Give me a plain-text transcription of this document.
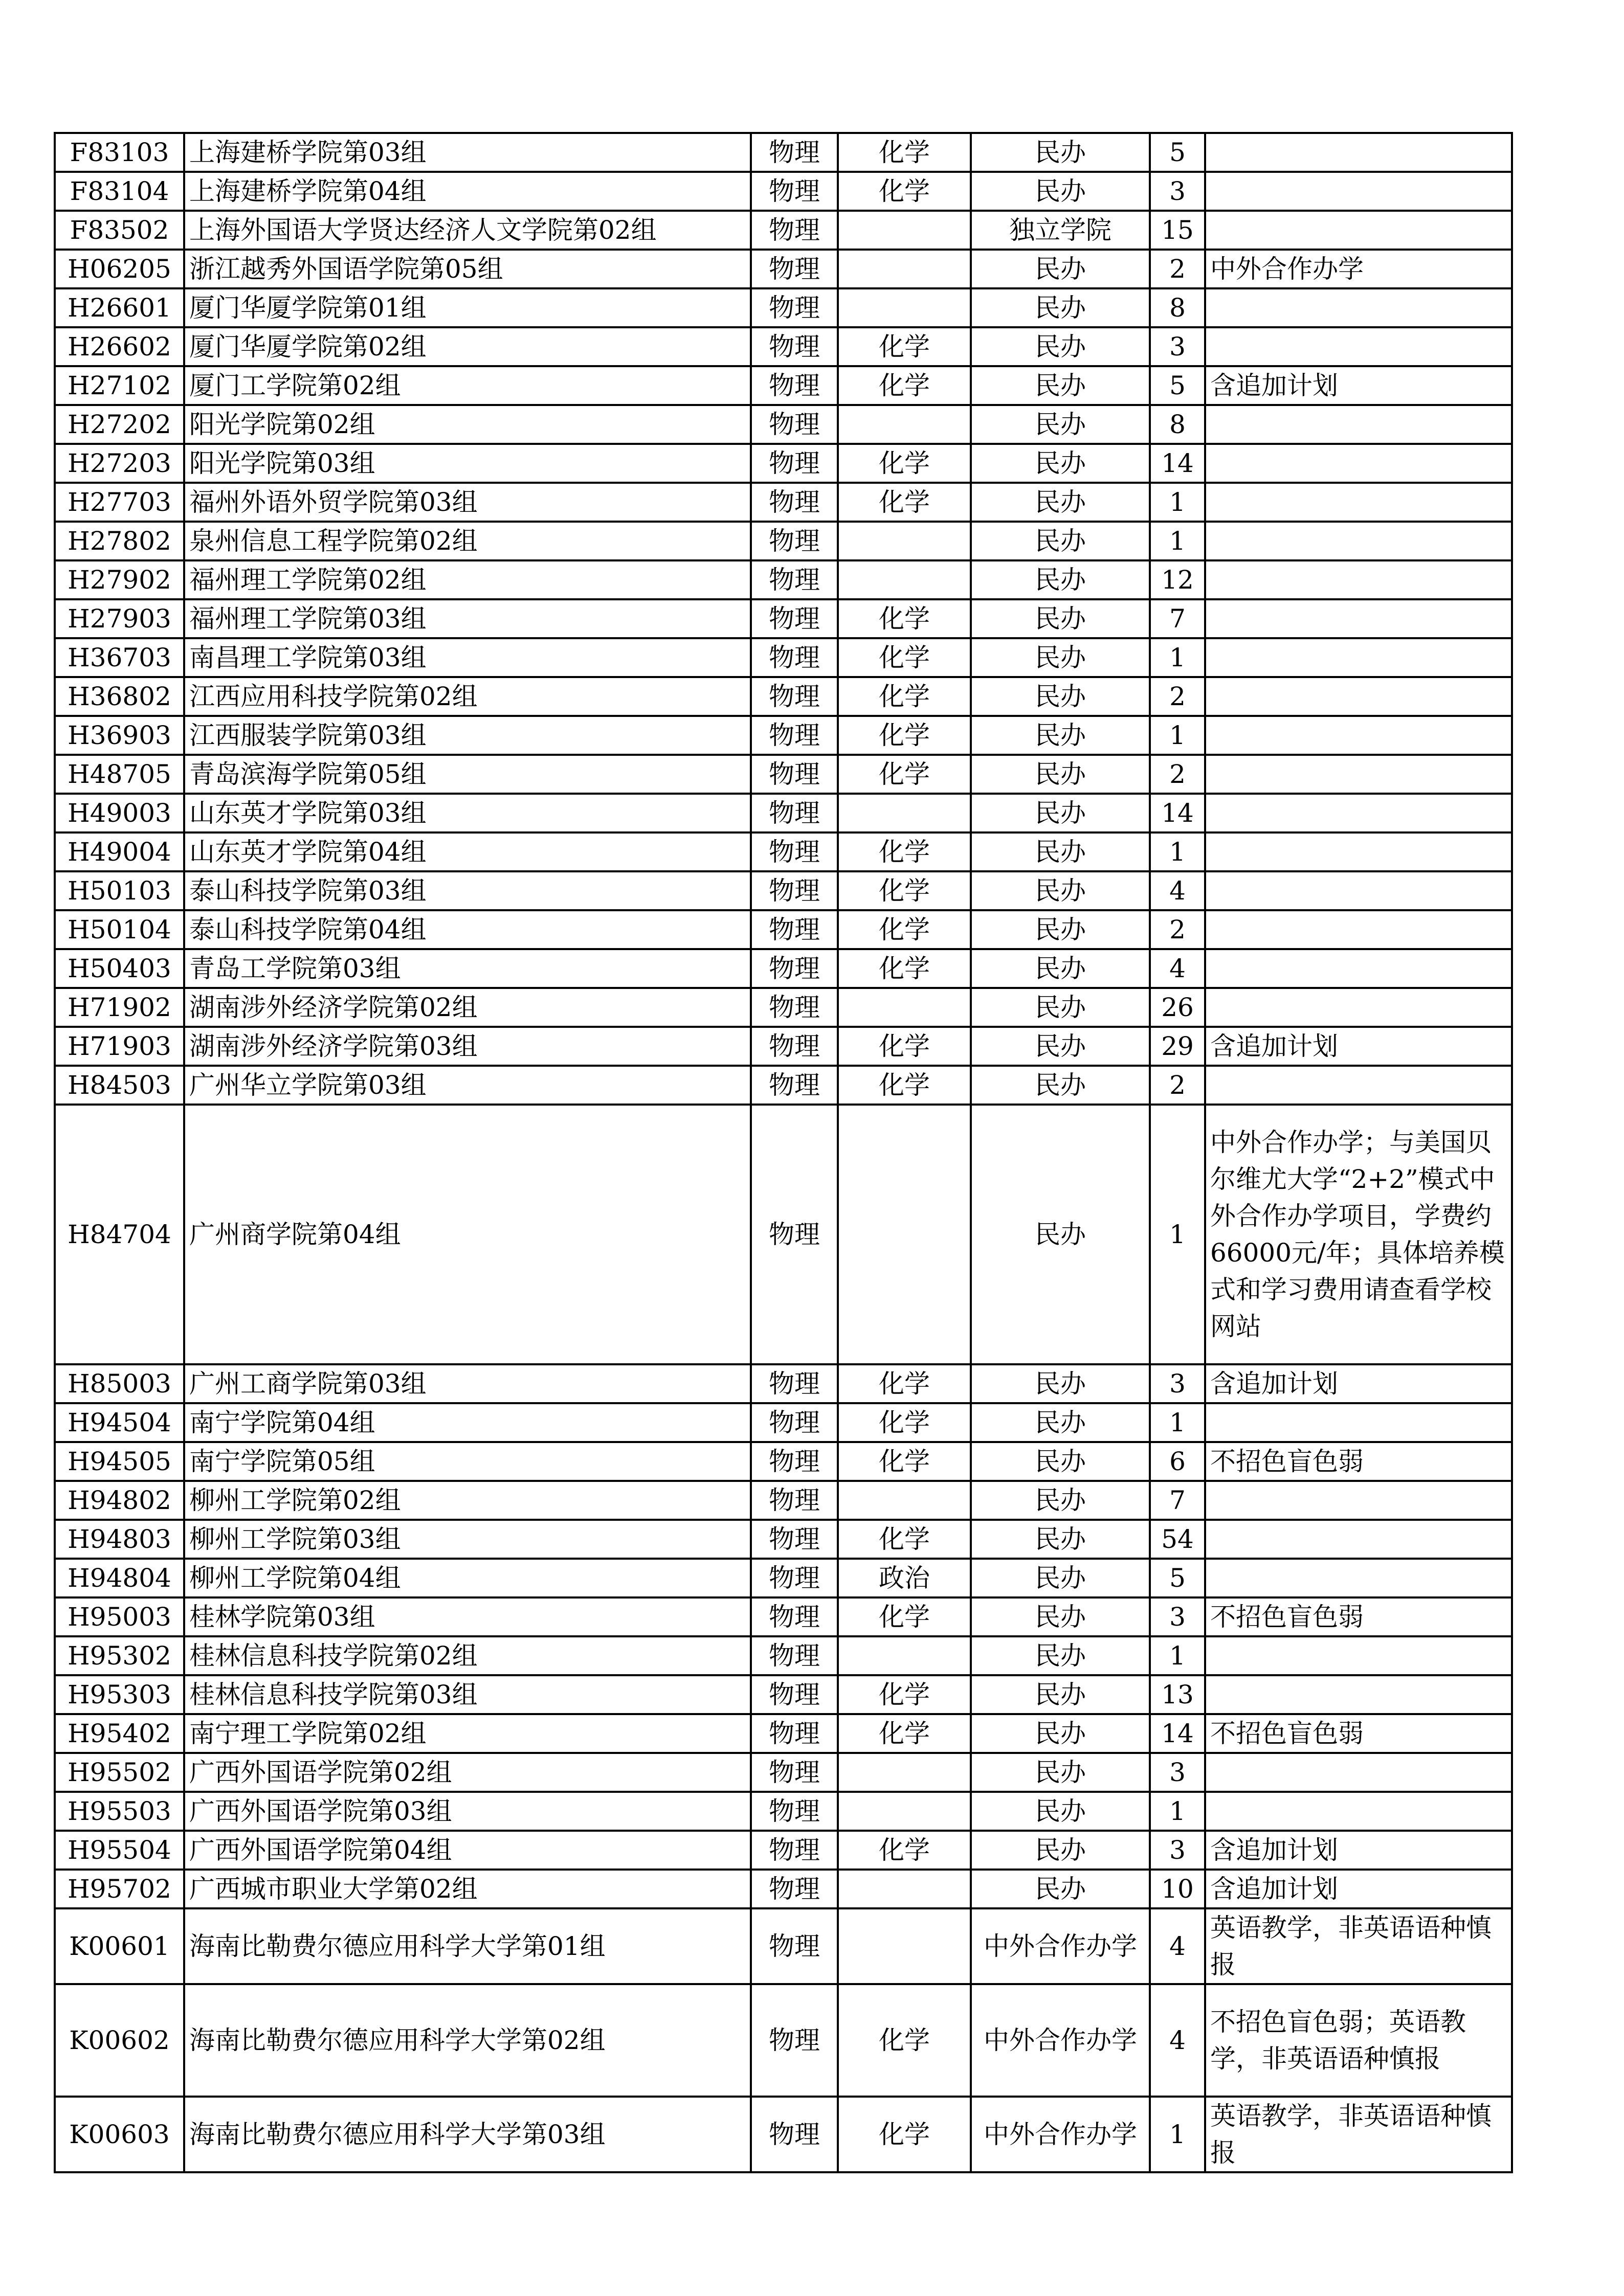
F83103	上海建桥学院第03组	物理	化学	民办	5	
F83104	上海建桥学院第04组	物理	化学	民办	3	
F83502	上海外国语大学贤达经济人文学院第02组	物理		独立学院	15	
H06205	浙江越秀外国语学院第05组	物理		民办	2	中外合作办学
H26601	厦门华厦学院第01组	物理		民办	8	
H26602	厦门华厦学院第02组	物理	化学	民办	3	
H27102	厦门工学院第02组	物理	化学	民办	5	含追加计划
H27202	阳光学院第02组	物理		民办	8	
H27203	阳光学院第03组	物理	化学	民办	14	
H27703	福州外语外贸学院第03组	物理	化学	民办	1	
H27802	泉州信息工程学院第02组	物理		民办	1	
H27902	福州理工学院第02组	物理		民办	12	
H27903	福州理工学院第03组	物理	化学	民办	7	
H36703	南昌理工学院第03组	物理	化学	民办	1	
H36802	江西应用科技学院第02组	物理	化学	民办	2	
H36903	江西服装学院第03组	物理	化学	民办	1	
H48705	青岛滨海学院第05组	物理	化学	民办	2	
H49003	山东英才学院第03组	物理		民办	14	
H49004	山东英才学院第04组	物理	化学	民办	1	
H50103	泰山科技学院第03组	物理	化学	民办	4	
H50104	泰山科技学院第04组	物理	化学	民办	2	
H50403	青岛工学院第03组	物理	化学	民办	4	
H71902	湖南涉外经济学院第02组	物理		民办	26	
H71903	湖南涉外经济学院第03组	物理	化学	民办	29	含追加计划
H84503	广州华立学院第03组	物理	化学	民办	2	
H84704	广州商学院第04组	物理		民办	1	中外合作办学；与美国贝尔维尤大学“2+2”模式中外合作办学项目，学费约66000元/年；具体培养模式和学习费用请查看学校网站
H85003	广州工商学院第03组	物理	化学	民办	3	含追加计划
H94504	南宁学院第04组	物理	化学	民办	1	
H94505	南宁学院第05组	物理	化学	民办	6	不招色盲色弱
H94802	柳州工学院第02组	物理		民办	7	
H94803	柳州工学院第03组	物理	化学	民办	54	
H94804	柳州工学院第04组	物理	政治	民办	5	
H95003	桂林学院第03组	物理	化学	民办	3	不招色盲色弱
H95302	桂林信息科技学院第02组	物理		民办	1	
H95303	桂林信息科技学院第03组	物理	化学	民办	13	
H95402	南宁理工学院第02组	物理	化学	民办	14	不招色盲色弱
H95502	广西外国语学院第02组	物理		民办	3	
H95503	广西外国语学院第03组	物理		民办	1	
H95504	广西外国语学院第04组	物理	化学	民办	3	含追加计划
H95702	广西城市职业大学第02组	物理		民办	10	含追加计划
K00601	海南比勒费尔德应用科学大学第01组	物理		中外合作办学	4	英语教学，非英语语种慎报
K00602	海南比勒费尔德应用科学大学第02组	物理	化学	中外合作办学	4	不招色盲色弱；英语教学，非英语语种慎报
K00603	海南比勒费尔德应用科学大学第03组	物理	化学	中外合作办学	1	英语教学，非英语语种慎报
